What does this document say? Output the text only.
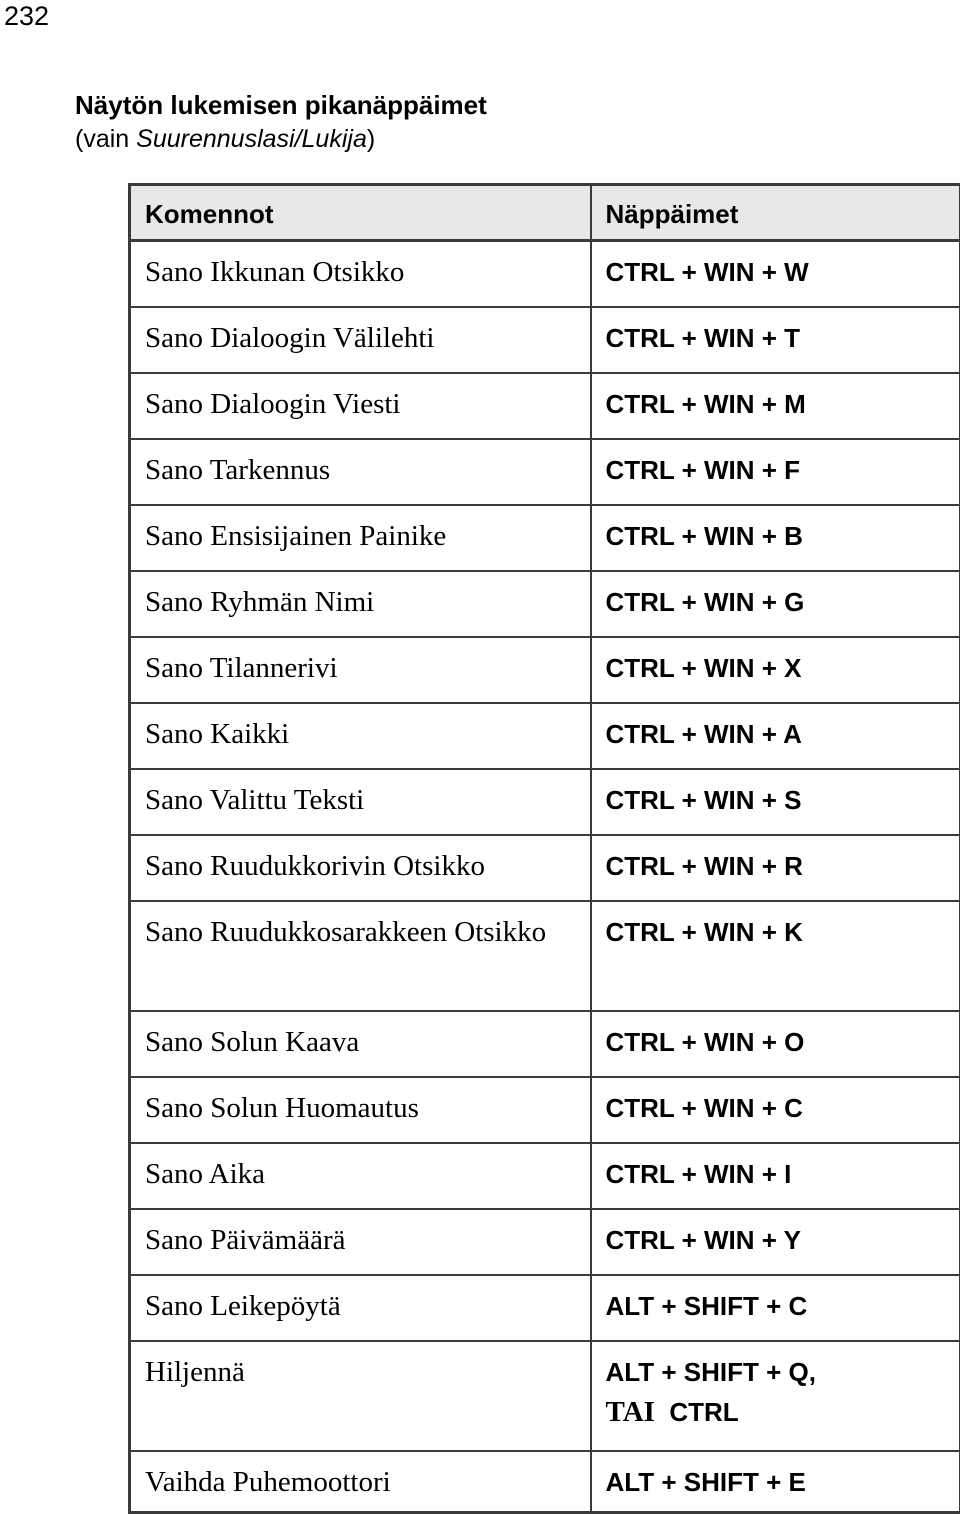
232
Näytön lukemisen pikanäppäimet
(vain Suurennuslasi/Lukija)
Komennot	Näppäimet
Sano Ikkunan Otsikko	CTRL + WIN + W
Sano Dialoogin Välilehti	CTRL + WIN + T
Sano Dialoogin Viesti	CTRL + WIN + M
Sano Tarkennus	CTRL + WIN + F
Sano Ensisijainen Painike	CTRL + WIN + B
Sano Ryhmän Nimi	CTRL + WIN + G
Sano Tilannerivi	CTRL + WIN + X
Sano Kaikki	CTRL + WIN + A
Sano Valittu Teksti	CTRL + WIN + S
Sano Ruudukkorivin Otsikko	CTRL + WIN + R
Sano Ruudukkosarakkeen Otsikko	CTRL + WIN + K
Sano Solun Kaava	CTRL + WIN + O
Sano Solun Huomautus	CTRL + WIN + C
Sano Aika	CTRL + WIN + I
Sano Päivämäärä	CTRL + WIN + Y
Sano Leikepöytä	ALT + SHIFT + C
Hiljennä	ALT + SHIFT + Q,
TAI CTRL

Vaihda Puhemoottori	ALT + SHIFT + E
